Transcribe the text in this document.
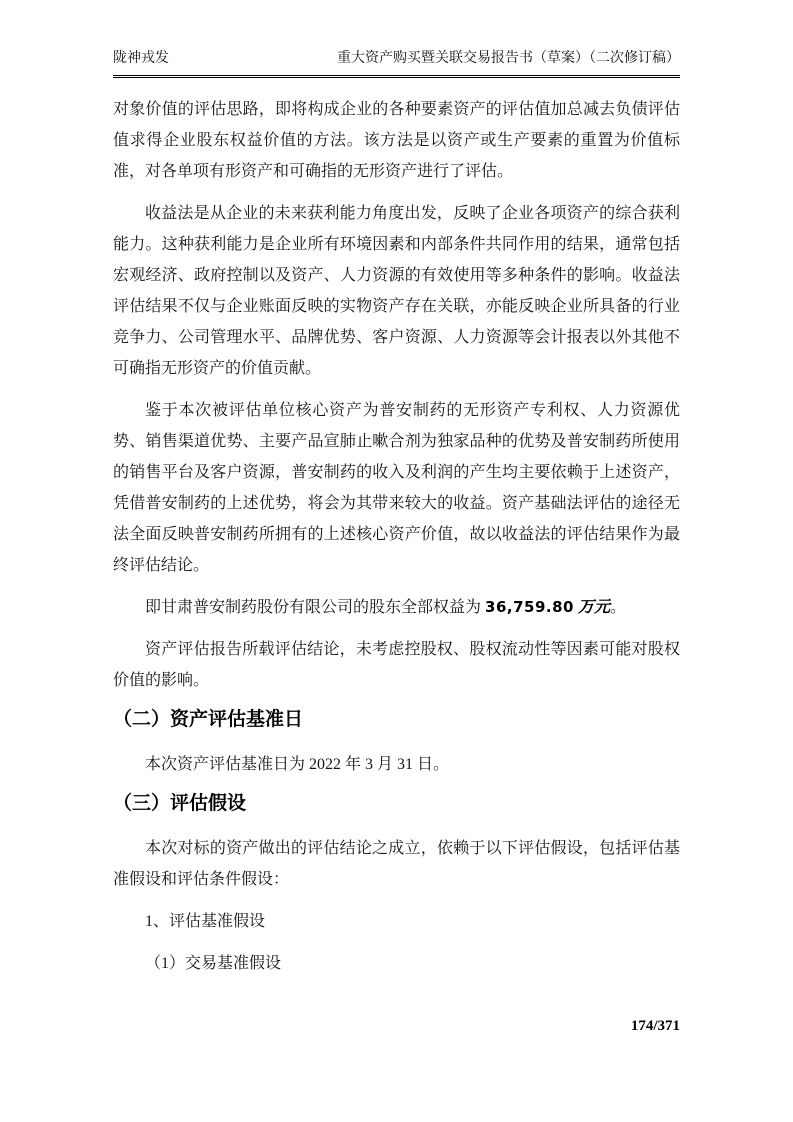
陇神戎发	重大资产购买暨关联交易报告书（草案）（二次修订稿）

对象价值的评估思路，即将构成企业的各种要素资产的评估值加总减去负债评估值求得企业股东权益价值的方法。该方法是以资产或生产要素的重置为价值标准，对各单项有形资产和可确指的无形资产进行了评估。

收益法是从企业的未来获利能力角度出发，反映了企业各项资产的综合获利能力。这种获利能力是企业所有环境因素和内部条件共同作用的结果，通常包括宏观经济、政府控制以及资产、人力资源的有效使用等多种条件的影响。收益法评估结果不仅与企业账面反映的实物资产存在关联，亦能反映企业所具备的行业竞争力、公司管理水平、品牌优势、客户资源、人力资源等会计报表以外其他不可确指无形资产的价值贡献。

鉴于本次被评估单位核心资产为普安制药的无形资产专利权、人力资源优势、销售渠道优势、主要产品宣肺止嗽合剂为独家品种的优势及普安制药所使用的销售平台及客户资源，普安制药的收入及利润的产生均主要依赖于上述资产，凭借普安制药的上述优势，将会为其带来较大的收益。资产基础法评估的途径无法全面反映普安制药所拥有的上述核心资产价值，故以收益法的评估结果作为最终评估结论。

即甘肃普安制药股份有限公司的股东全部权益为 36,759.80 万元。

资产评估报告所载评估结论，未考虑控股权、股权流动性等因素可能对股权价值的影响。

（二）资产评估基准日

本次资产评估基准日为 2022 年 3 月 31 日。

（三）评估假设

本次对标的资产做出的评估结论之成立，依赖于以下评估假设，包括评估基准假设和评估条件假设：

1、评估基准假设

（1）交易基准假设

174/371
